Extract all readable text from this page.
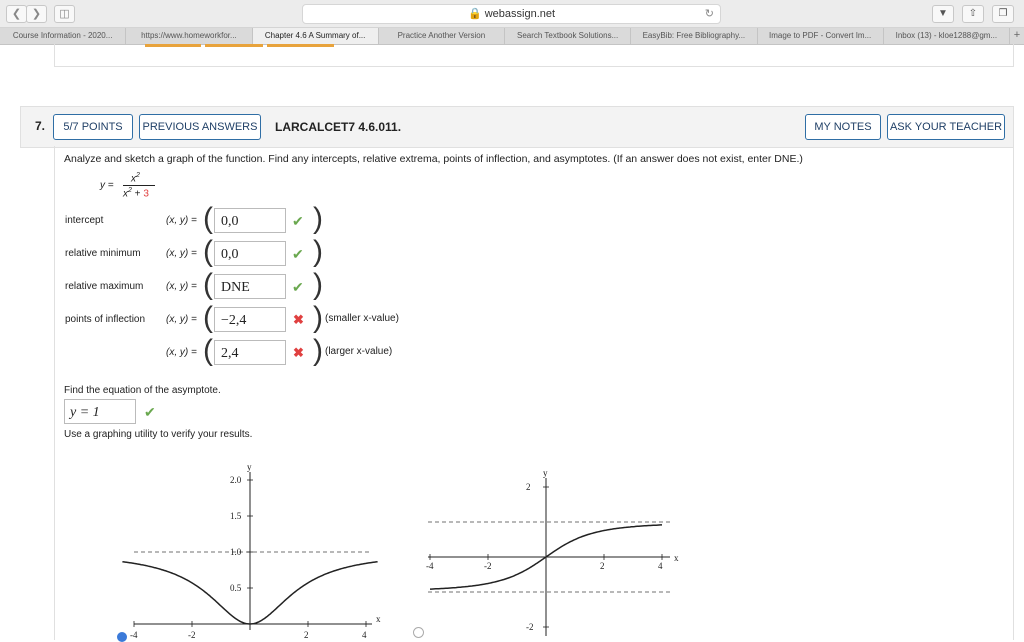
❮ ❯	◫	🔒 webassign.net	↻	▼	⇧	❐
Course Information - 2020...	https://www.homeworkfor...	Chapter 4.6 A Summary of...	Practice Another Version	Search Textbook Solutions...	EasyBib: Free Bibliography...	Image to PDF - Convert Im...	Inbox (13) - kloe1288@gm...	+
7.	5/7 POINTS	PREVIOUS ANSWERS LARCALCET7 4.6.011.	MY NOTES	ASK YOUR TEACHER
Analyze and sketch a graph of the function. Find any intercepts, relative extrema, points of inflection, and asymptotes. (If an answer does not exist, enter DNE.)
y =
$x^2$
$x^2 + 3$
intercept	(x, y) = ( 0,0	✔ )
relative minimum	(x, y) = ( 0,0	✔ )
relative maximum (x, y) = ( DNE	✔ )
points of inflection (x, y) = ( −2,4	✖ ) (smaller x-value)
(x, y) = ( 2,4	✖ ) (larger x-value)
Find the equation of the asymptote.
y = 1	✔
Use a graphing utility to verify your results.
-4	-2	2	4
0.5
1.0
1.5
2.0
x
y
-4	-2	2	4
-2
2
x
y
